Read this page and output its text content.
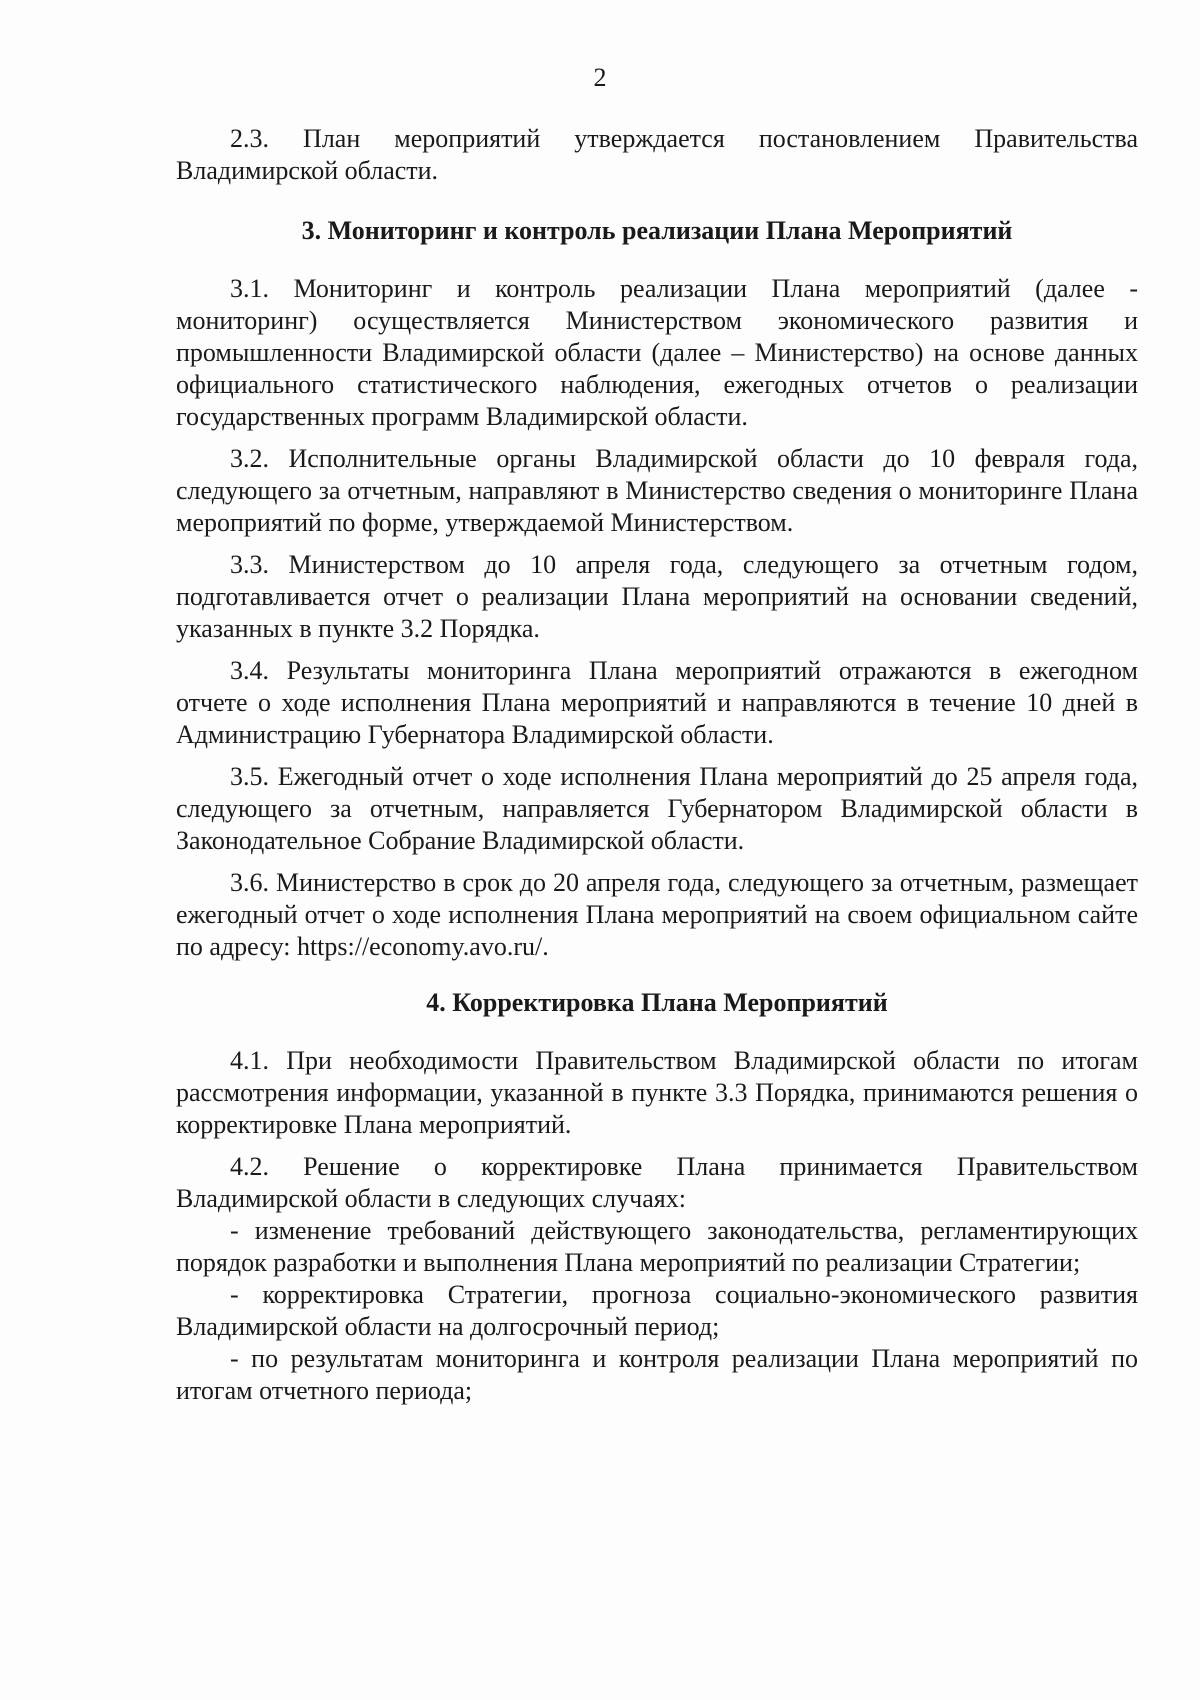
2

2.3. План мероприятий утверждается постановлением Правительства Владимирской области.

3. Мониторинг и контроль реализации Плана Мероприятий

3.1. Мониторинг и контроль реализации Плана мероприятий (далее - мониторинг) осуществляется Министерством экономического развития и промышленности Владимирской области (далее – Министерство) на основе данных официального статистического наблюдения, ежегодных отчетов о реализации государственных программ Владимирской области.

3.2. Исполнительные органы Владимирской области до 10 февраля года, следующего за отчетным, направляют в Министерство сведения о мониторинге Плана мероприятий по форме, утверждаемой Министерством.

3.3. Министерством до 10 апреля года, следующего за отчетным годом, подготавливается отчет о реализации Плана мероприятий на основании сведений, указанных в пункте 3.2 Порядка.

3.4. Результаты мониторинга Плана мероприятий отражаются в ежегодном отчете о ходе исполнения Плана мероприятий и направляются в течение 10 дней в Администрацию Губернатора Владимирской области.

3.5. Ежегодный отчет о ходе исполнения Плана мероприятий до 25 апреля года, следующего за отчетным, направляется Губернатором Владимирской области в Законодательное Собрание Владимирской области.

3.6. Министерство в срок до 20 апреля года, следующего за отчетным, размещает ежегодный отчет о ходе исполнения Плана мероприятий на своем официальном сайте по адресу: https://economy.avo.ru/.

4. Корректировка Плана Мероприятий

4.1. При необходимости Правительством Владимирской области по итогам рассмотрения информации, указанной в пункте 3.3 Порядка, принимаются решения о корректировке Плана мероприятий.

4.2. Решение о корректировке Плана принимается Правительством Владимирской области в следующих случаях:

- изменение требований действующего законодательства, регламентирующих порядок разработки и выполнения Плана мероприятий по реализации Стратегии;

- корректировка Стратегии, прогноза социально-экономического развития Владимирской области на долгосрочный период;

- по результатам мониторинга и контроля реализации Плана мероприятий по итогам отчетного периода;
